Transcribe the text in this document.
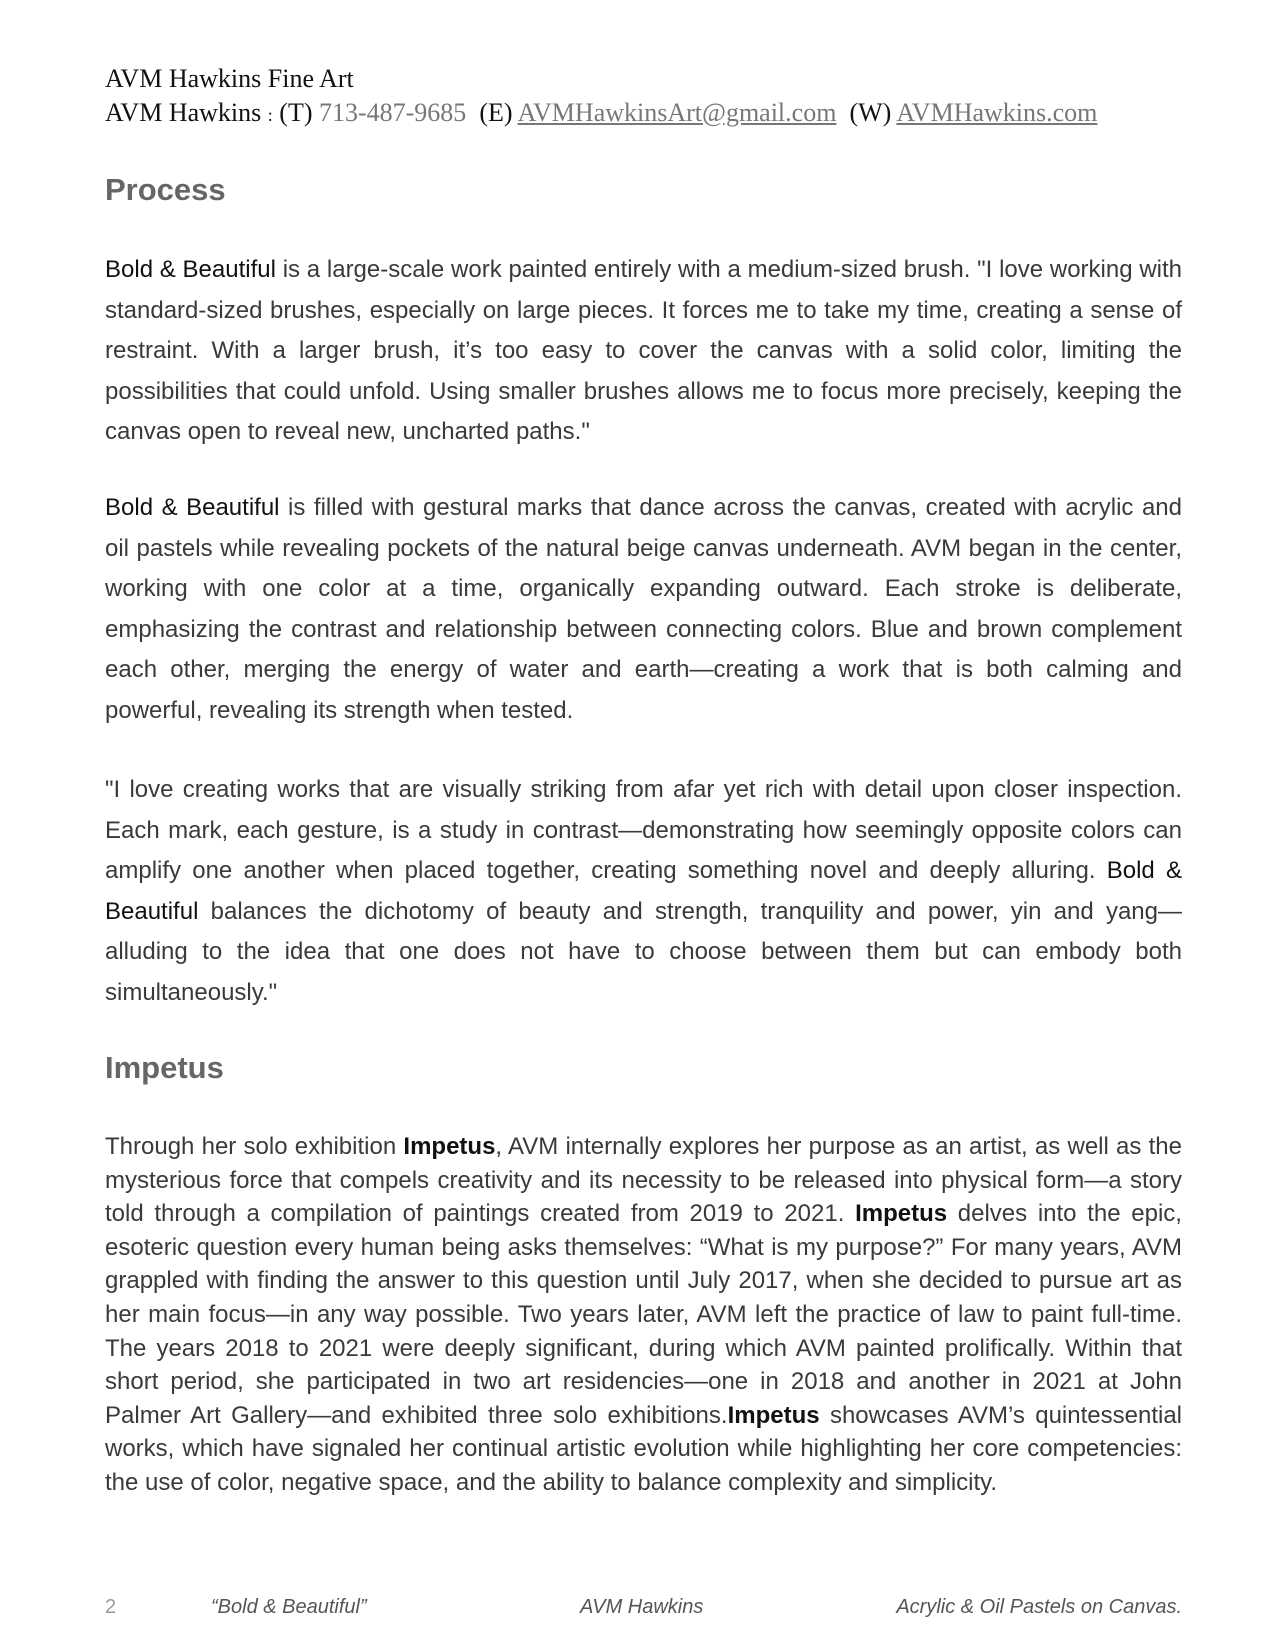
AVM Hawkins Fine Art
AVM Hawkins : (T) 713-487-9685 (E) AVMHawkinsArt@gmail.com (W) AVMHawkins.com
Process

Bold & Beautiful is a large-scale work painted entirely with a medium-sized brush. "I love working with standard-sized brushes, especially on large pieces. It forces me to take my time, creating a sense of restraint. With a larger brush, it’s too easy to cover the canvas with a solid color, limiting the possibilities that could unfold. Using smaller brushes allows me to focus more precisely, keeping the canvas open to reveal new, uncharted paths."

Bold & Beautiful is filled with gestural marks that dance across the canvas, created with acrylic and oil pastels while revealing pockets of the natural beige canvas underneath. AVM began in the center, working with one color at a time, organically expanding outward. Each stroke is deliberate, emphasizing the contrast and relationship between connecting colors. Blue and brown complement each other, merging the energy of water and earth—creating a work that is both calming and powerful, revealing its strength when tested.

"I love creating works that are visually striking from afar yet rich with detail upon closer inspection. Each mark, each gesture, is a study in contrast—demonstrating how seemingly opposite colors can amplify one another when placed together, creating something novel and deeply alluring. Bold & Beautiful balances the dichotomy of beauty and strength, tranquility and power, yin and yang—alluding to the idea that one does not have to choose between them but can embody both simultaneously."

Impetus

Through her solo exhibition Impetus, AVM internally explores her purpose as an artist, as well as the mysterious force that compels creativity and its necessity to be released into physical form—a story told through a compilation of paintings created from 2019 to 2021. Impetus delves into the epic, esoteric question every human being asks themselves: “What is my purpose?” For many years, AVM grappled with finding the answer to this question until July 2017, when she decided to pursue art as her main focus—in any way possible. Two years later, AVM left the practice of law to paint full-time. The years 2018 to 2021 were deeply significant, during which AVM painted prolifically. Within that short period, she participated in two art residencies—one in 2018 and another in 2021 at John Palmer Art Gallery—and exhibited three solo exhibitions.Impetus showcases AVM’s quintessential works, which have signaled her continual artistic evolution while highlighting her core competencies: the use of color, negative space, and the ability to balance complexity and simplicity.

2	“Bold & Beautiful”	AVM Hawkins	Acrylic & Oil Pastels on Canvas.
